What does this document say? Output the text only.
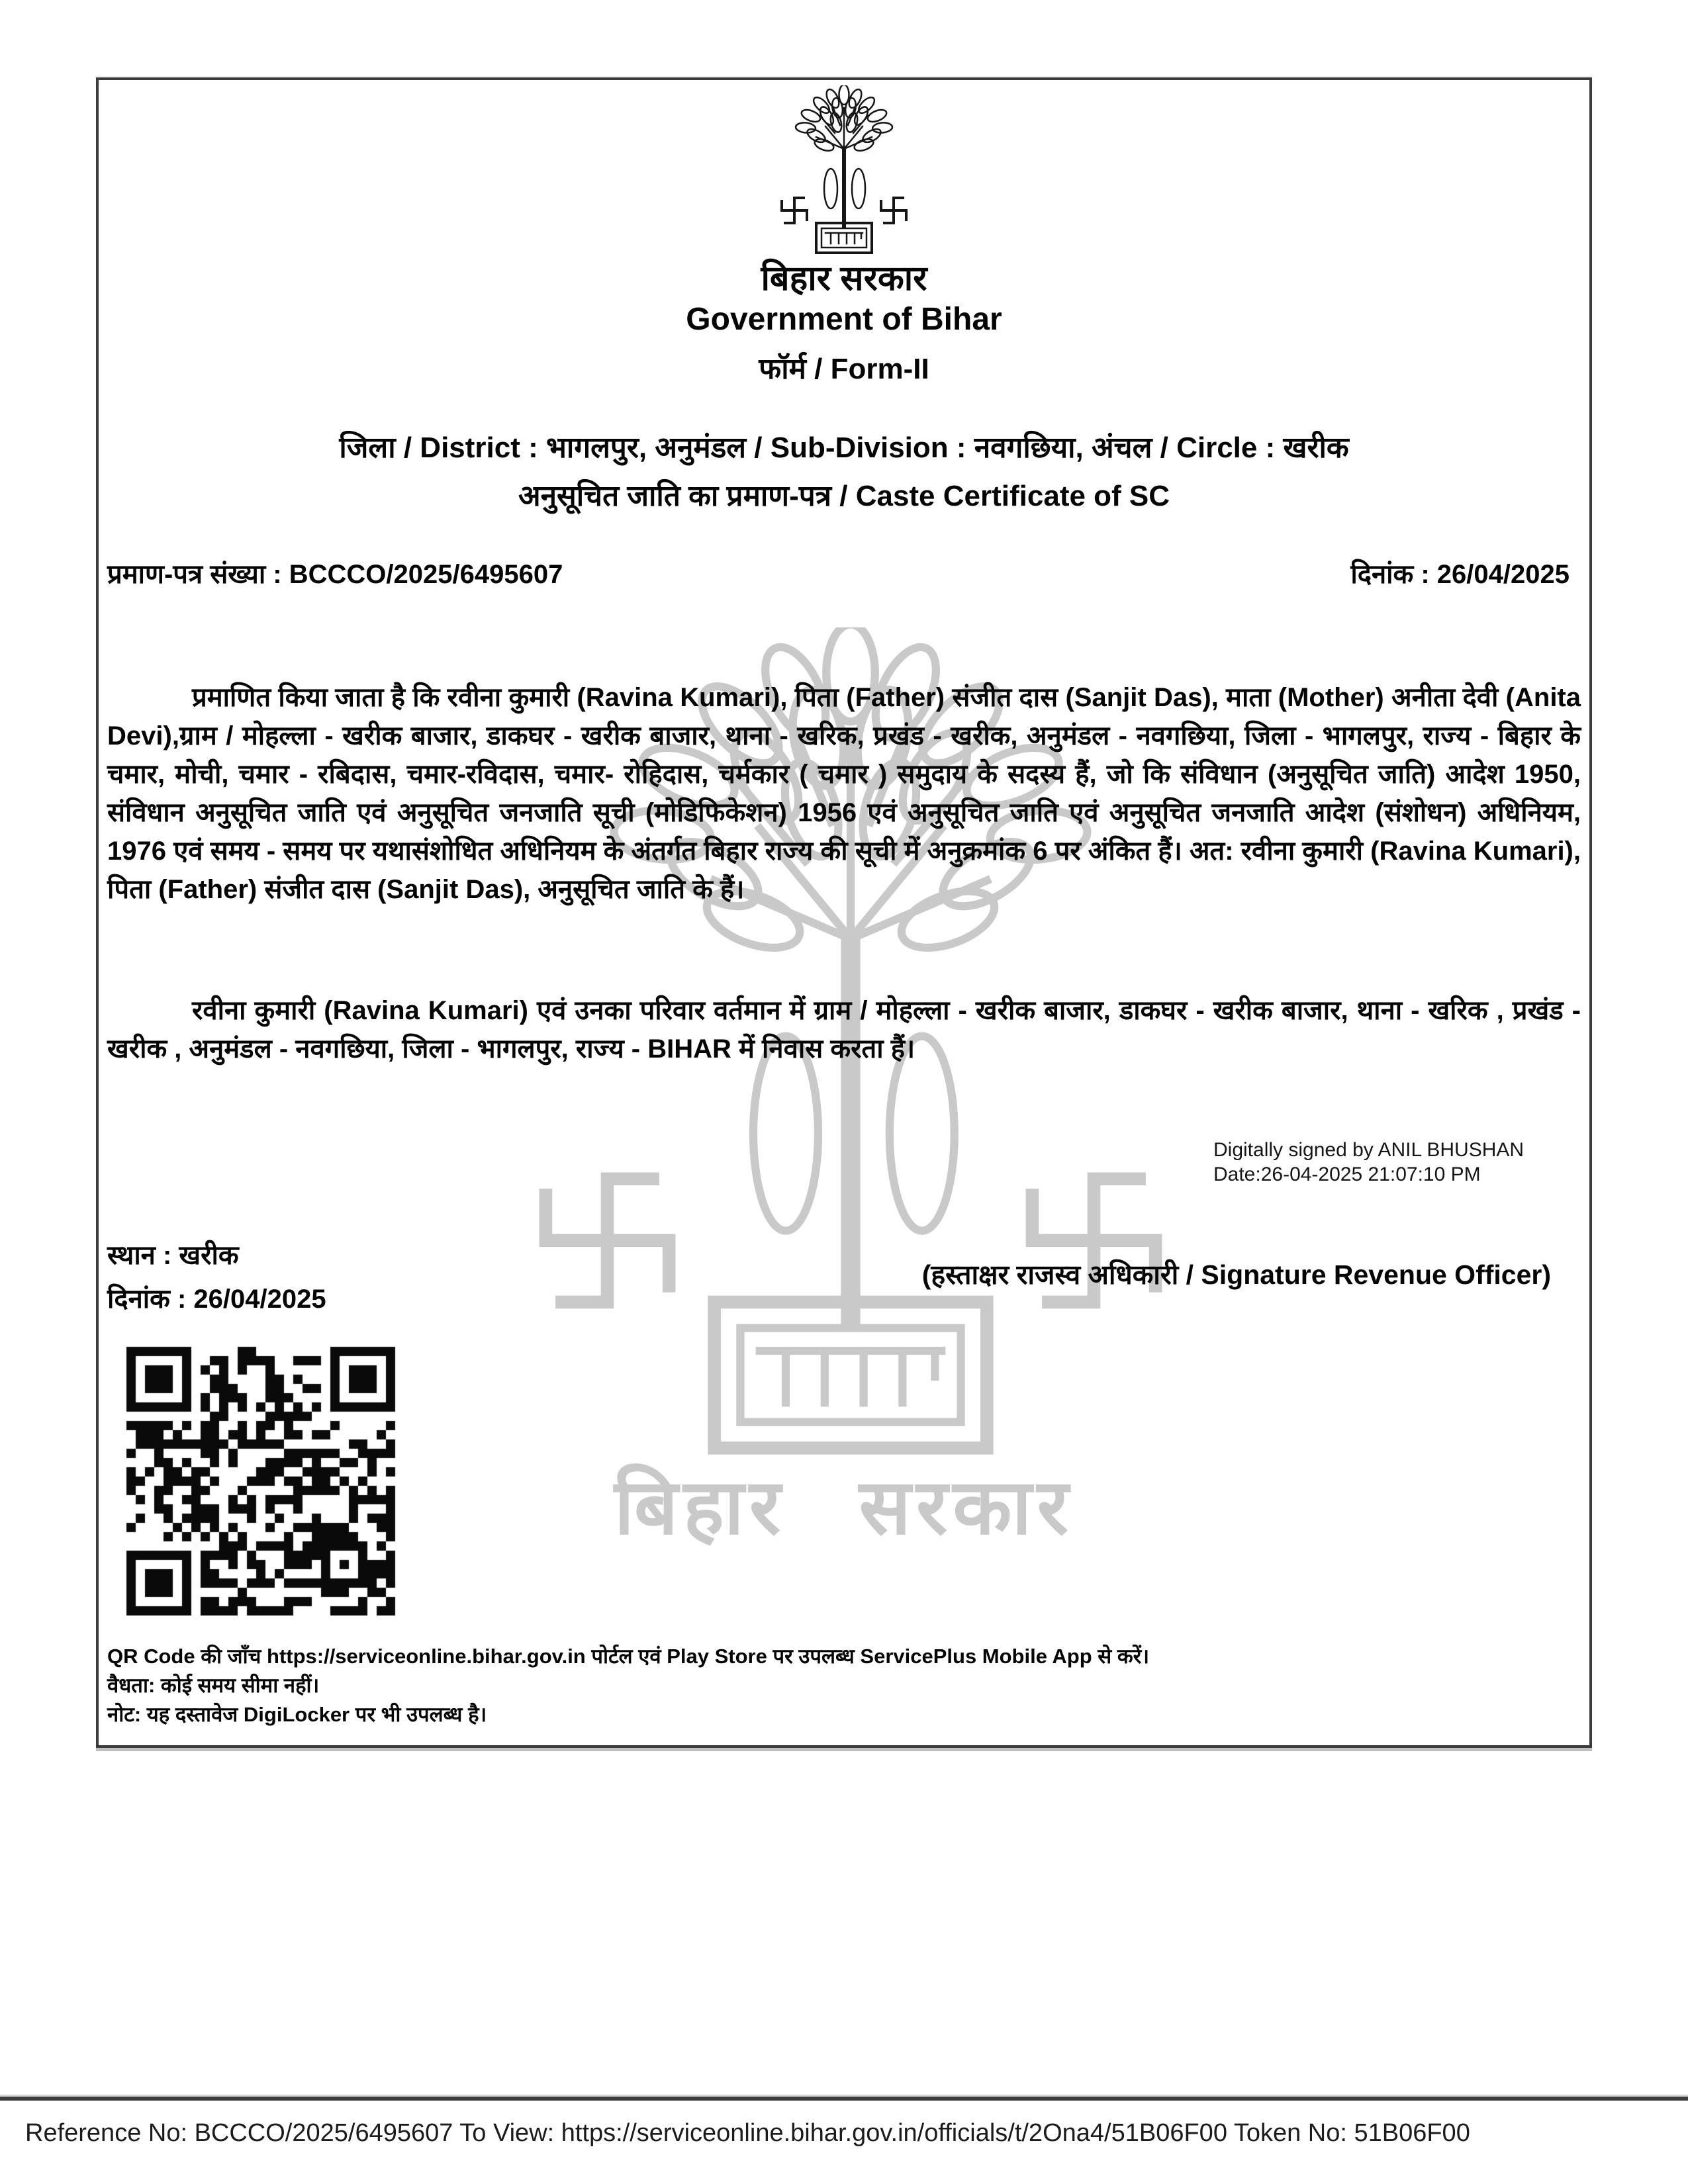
बिहार सरकार
बिहार सरकार
Government of Bihar
फॉर्म / Form-II
जिला / District : भागलपुर, अनुमंडल / Sub-Division : नवगछिया, अंचल / Circle : खरीक
अनुसूचित जाति का प्रमाण-पत्र / Caste Certificate of SC
प्रमाण-पत्र संख्या : BCCCO/2025/6495607	दिनांक : 26/04/2025
प्रमाणित किया जाता है कि रवीना कुमारी (Ravina Kumari), पिता (Father) संजीत दास (Sanjit Das), माता (Mother) अनीता देवी (Anita Devi),ग्राम / मोहल्ला - खरीक बाजार, डाकघर - खरीक बाजार, थाना - खरिक, प्रखंड - खरीक, अनुमंडल - नवगछिया, जिला - भागलपुर, राज्य - बिहार के चमार, मोची, चमार - रबिदास, चमार-रविदास, चमार- रोहिदास, चर्मकार ( चमार ) समुदाय के सदस्य हैं, जो कि संविधान (अनुसूचित जाति) आदेश 1950, संविधान अनुसूचित जाति एवं अनुसूचित जनजाति सूची (मोडिफिकेशन) 1956 एवं अनुसूचित जाति एवं अनुसूचित जनजाति आदेश (संशोधन) अधिनियम, 1976 एवं समय - समय पर यथासंशोधित अधिनियम के अंतर्गत बिहार राज्य की सूची में अनुक्रमांक 6 पर अंकित हैं। अत: रवीना कुमारी (Ravina Kumari), पिता (Father) संजीत दास (Sanjit Das), अनुसूचित जाति के हैं।
रवीना कुमारी (Ravina Kumari) एवं उनका परिवार वर्तमान में ग्राम / मोहल्ला - खरीक बाजार, डाकघर - खरीक बाजार, थाना - खरिक , प्रखंड - खरीक , अनुमंडल - नवगछिया, जिला - भागलपुर, राज्य - BIHAR में निवास करता हैं।
Digitally signed by ANIL BHUSHAN
Date:26-04-2025 21:07:10 PM
स्थान : खरीक
(हस्ताक्षर राजस्व अधिकारी / Signature Revenue Officer)
दिनांक : 26/04/2025
QR Code की जाँच https://serviceonline.bihar.gov.in पोर्टल एवं Play Store पर उपलब्ध ServicePlus Mobile App से करें।
वैधता: कोई समय सीमा नहीं।
नोट: यह दस्तावेज DigiLocker पर भी उपलब्ध है।
Reference No: BCCCO/2025/6495607 To View: https://serviceonline.bihar.gov.in/officials/t/2Ona4/51B06F00 Token No: 51B06F00
